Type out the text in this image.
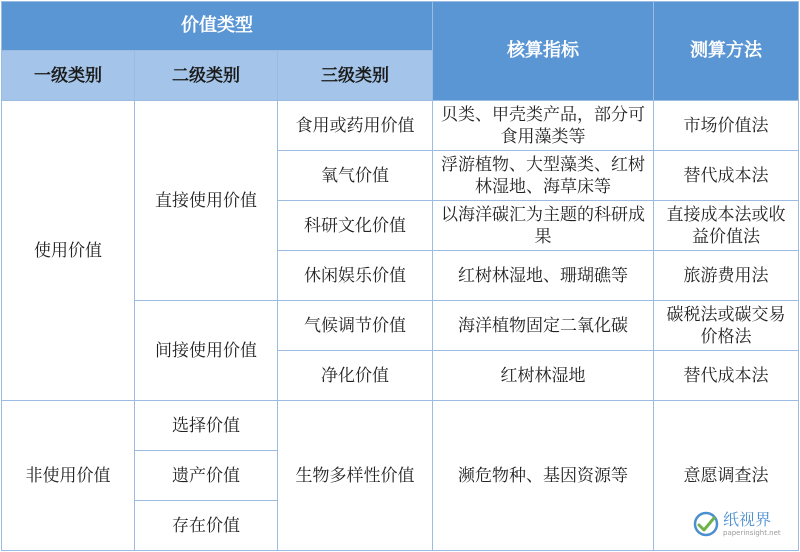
价值类型			核算指标	测算方法
一级类别	二级类别	三级类别		
使用价值	直接使用价值	食用或药用价值	贝类、甲壳类产品，部分可食用藻类等	市场价值法
		氧气价值	浮游植物、大型藻类、红树林湿地、海草床等	替代成本法
		科研文化价值	以海洋碳汇为主题的科研成果	直接成本法或收益价值法
		休闲娱乐价值	红树林湿地、珊瑚礁等	旅游费用法
	间接使用价值	气候调节价值	海洋植物固定二氧化碳	碳税法或碳交易价格法
		净化价值	红树林湿地	替代成本法
非使用价值	选择价值	生物多样性价值	濒危物种、基因资源等	意愿调查法
	遗产价值			
	存在价值				纸视界
paperinsight.net
